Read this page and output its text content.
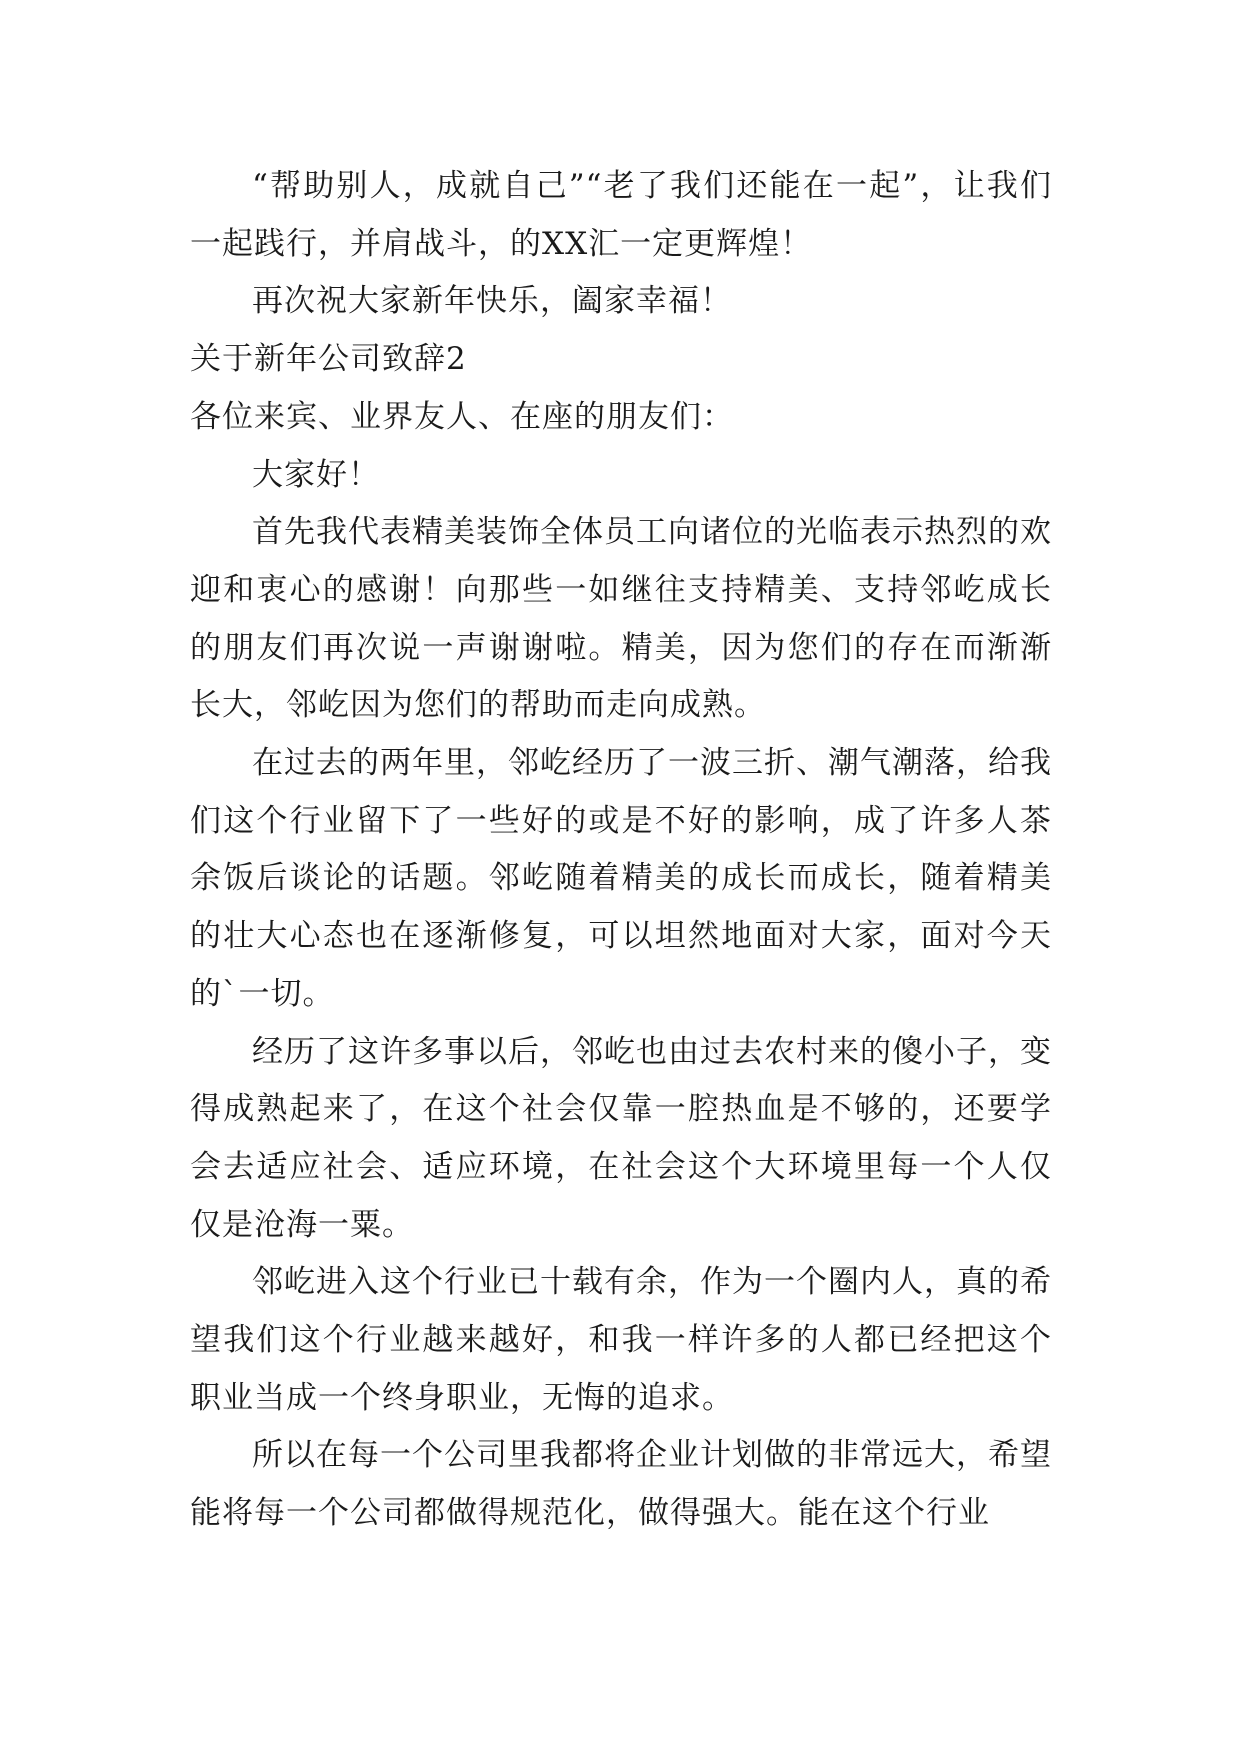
“帮助别人，成就自己”“老了我们还能在一起”，让我们一起践行，并肩战斗，的XX汇一定更辉煌！

再次祝大家新年快乐，阖家幸福！

关于新年公司致辞2

各位来宾、业界友人、在座的朋友们：

大家好！

首先我代表精美装饰全体员工向诸位的光临表示热烈的欢迎和衷心的感谢！向那些一如继往支持精美、支持邻屹成长的朋友们再次说一声谢谢啦。精美，因为您们的存在而渐渐长大，邻屹因为您们的帮助而走向成熟。

在过去的两年里，邻屹经历了一波三折、潮气潮落，给我们这个行业留下了一些好的或是不好的影响，成了许多人茶余饭后谈论的话题。邻屹随着精美的成长而成长，随着精美的壮大心态也在逐渐修复，可以坦然地面对大家，面对今天的`一切。

经历了这许多事以后，邻屹也由过去农村来的傻小子，变得成熟起来了，在这个社会仅靠一腔热血是不够的，还要学会去适应社会、适应环境，在社会这个大环境里每一个人仅仅是沧海一粟。

邻屹进入这个行业已十载有余，作为一个圈内人，真的希望我们这个行业越来越好，和我一样许多的人都已经把这个职业当成一个终身职业，无悔的追求。

所以在每一个公司里我都将企业计划做的非常远大，希望能将每一个公司都做得规范化，做得强大。能在这个行业
